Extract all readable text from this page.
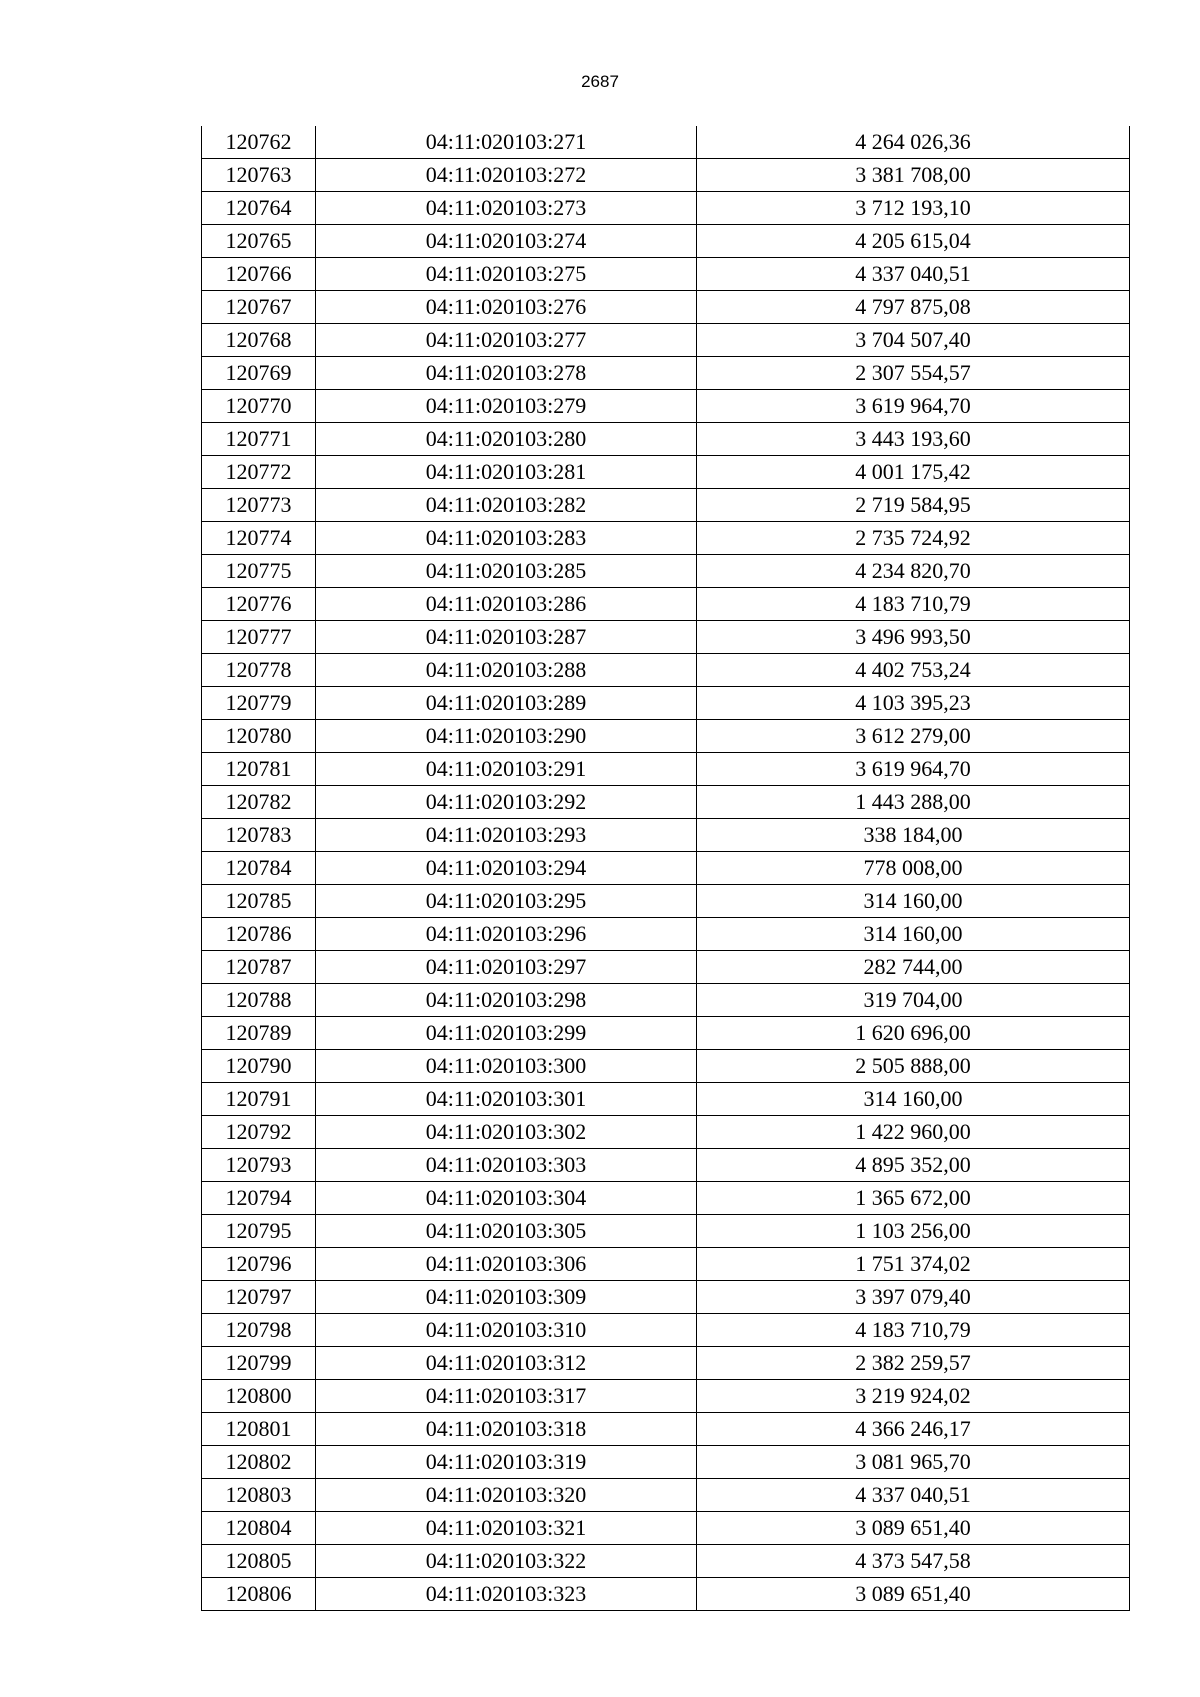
2687
120762	04:11:020103:271	4 264 026,36
120763	04:11:020103:272	3 381 708,00
120764	04:11:020103:273	3 712 193,10
120765	04:11:020103:274	4 205 615,04
120766	04:11:020103:275	4 337 040,51
120767	04:11:020103:276	4 797 875,08
120768	04:11:020103:277	3 704 507,40
120769	04:11:020103:278	2 307 554,57
120770	04:11:020103:279	3 619 964,70
120771	04:11:020103:280	3 443 193,60
120772	04:11:020103:281	4 001 175,42
120773	04:11:020103:282	2 719 584,95
120774	04:11:020103:283	2 735 724,92
120775	04:11:020103:285	4 234 820,70
120776	04:11:020103:286	4 183 710,79
120777	04:11:020103:287	3 496 993,50
120778	04:11:020103:288	4 402 753,24
120779	04:11:020103:289	4 103 395,23
120780	04:11:020103:290	3 612 279,00
120781	04:11:020103:291	3 619 964,70
120782	04:11:020103:292	1 443 288,00
120783	04:11:020103:293	338 184,00
120784	04:11:020103:294	778 008,00
120785	04:11:020103:295	314 160,00
120786	04:11:020103:296	314 160,00
120787	04:11:020103:297	282 744,00
120788	04:11:020103:298	319 704,00
120789	04:11:020103:299	1 620 696,00
120790	04:11:020103:300	2 505 888,00
120791	04:11:020103:301	314 160,00
120792	04:11:020103:302	1 422 960,00
120793	04:11:020103:303	4 895 352,00
120794	04:11:020103:304	1 365 672,00
120795	04:11:020103:305	1 103 256,00
120796	04:11:020103:306	1 751 374,02
120797	04:11:020103:309	3 397 079,40
120798	04:11:020103:310	4 183 710,79
120799	04:11:020103:312	2 382 259,57
120800	04:11:020103:317	3 219 924,02
120801	04:11:020103:318	4 366 246,17
120802	04:11:020103:319	3 081 965,70
120803	04:11:020103:320	4 337 040,51
120804	04:11:020103:321	3 089 651,40
120805	04:11:020103:322	4 373 547,58
120806	04:11:020103:323	3 089 651,40
